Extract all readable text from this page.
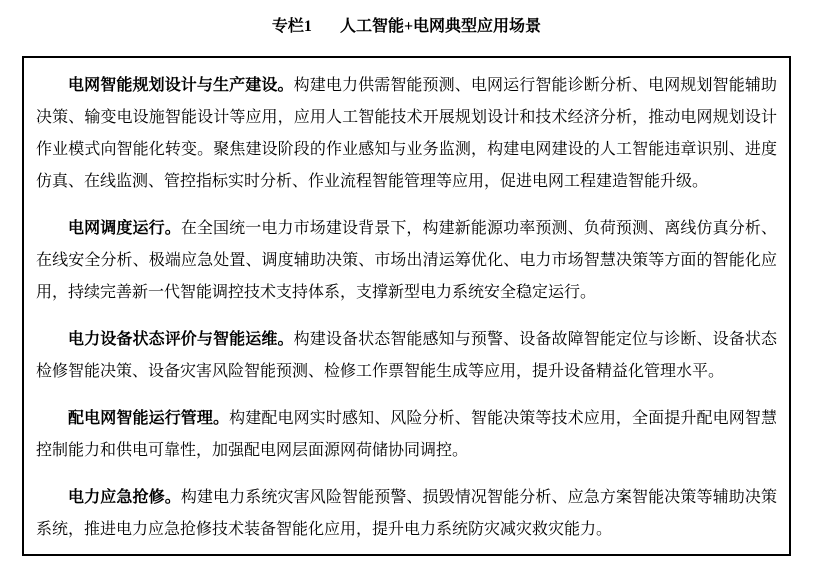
专栏1 人工智能+电网典型应用场景

电网智能规划设计与生产建设。构建电力供需智能预测、电网运行智能诊断分析、电网规划智能辅助决策、输变电设施智能设计等应用，应用人工智能技术开展规划设计和技术经济分析，推动电网规划设计作业模式向智能化转变。聚焦建设阶段的作业感知与业务监测，构建电网建设的人工智能违章识别、进度仿真、在线监测、管控指标实时分析、作业流程智能管理等应用，促进电网工程建造智能升级。

电网调度运行。在全国统一电力市场建设背景下，构建新能源功率预测、负荷预测、离线仿真分析、在线安全分析、极端应急处置、调度辅助决策、市场出清运筹优化、电力市场智慧决策等方面的智能化应用，持续完善新一代智能调控技术支持体系，支撑新型电力系统安全稳定运行。

电力设备状态评价与智能运维。构建设备状态智能感知与预警、设备故障智能定位与诊断、设备状态检修智能决策、设备灾害风险智能预测、检修工作票智能生成等应用，提升设备精益化管理水平。

配电网智能运行管理。构建配电网实时感知、风险分析、智能决策等技术应用，全面提升配电网智慧控制能力和供电可靠性，加强配电网层面源网荷储协同调控。

电力应急抢修。构建电力系统灾害风险智能预警、损毁情况智能分析、应急方案智能决策等辅助决策系统，推进电力应急抢修技术装备智能化应用，提升电力系统防灾减灾救灾能力。
